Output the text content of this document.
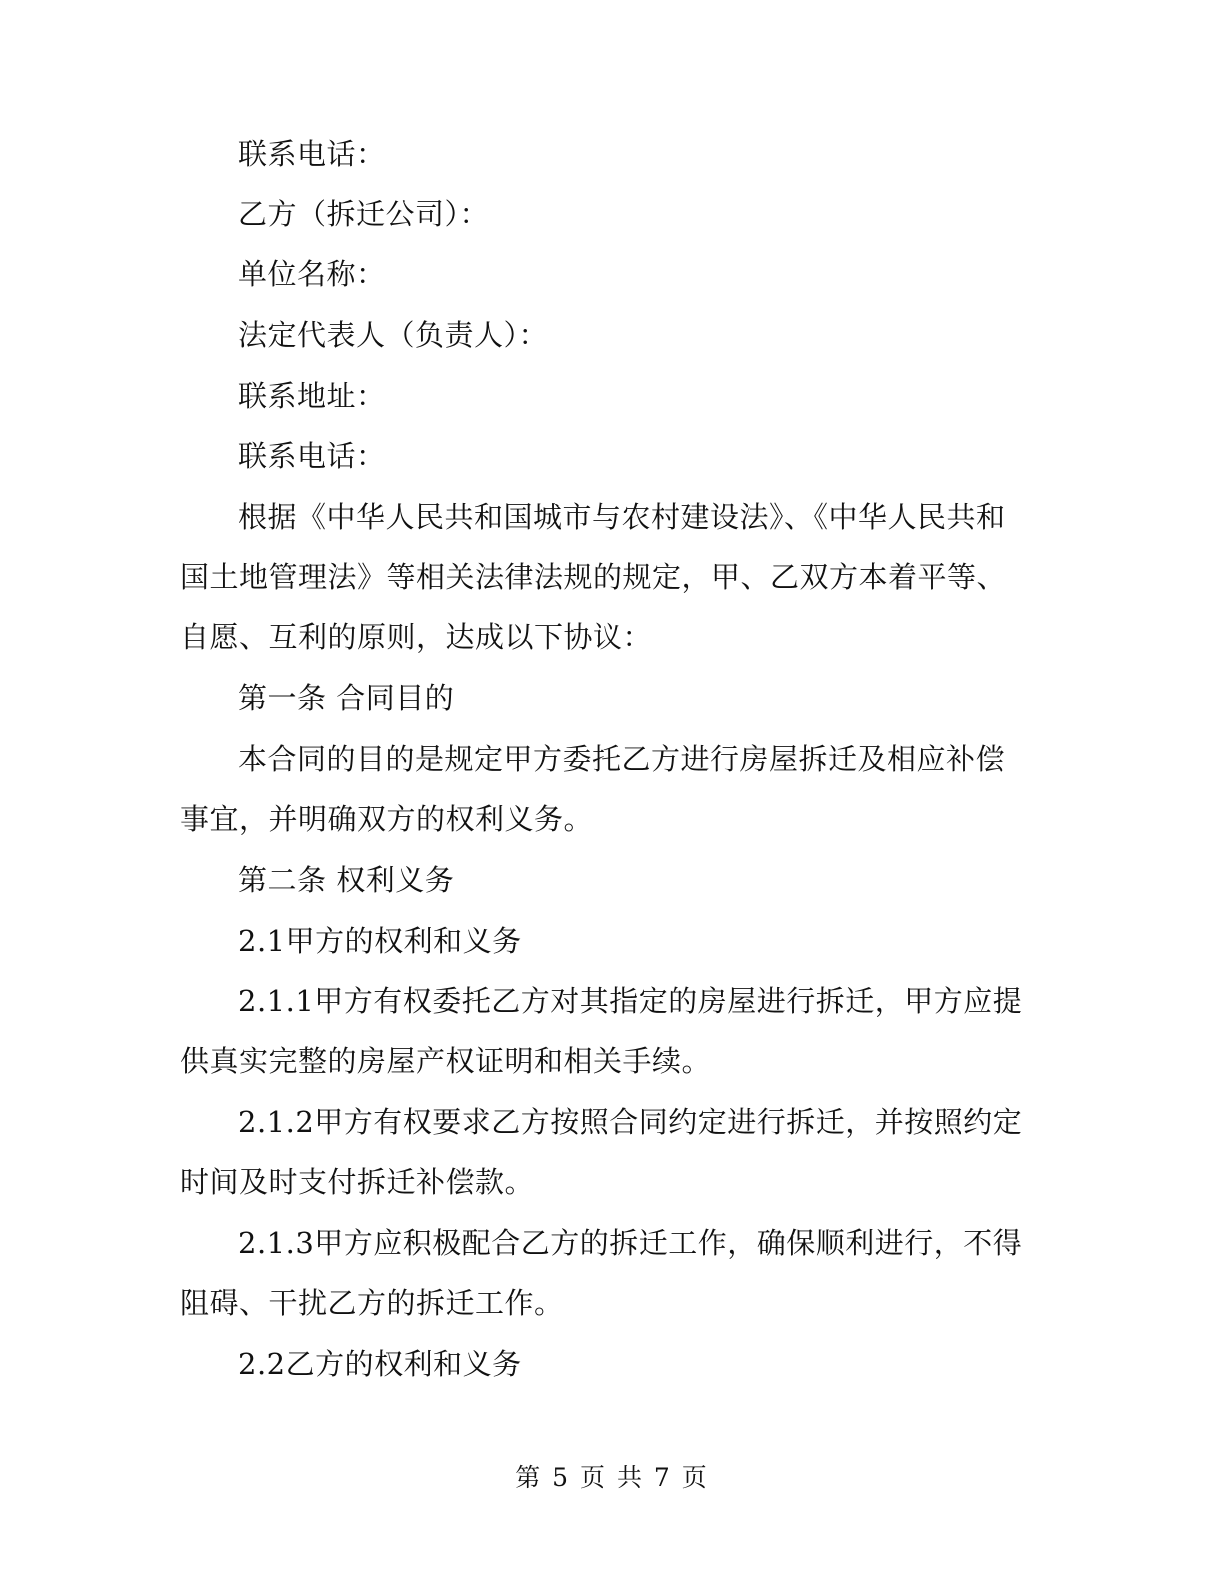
联系电话：

乙方（拆迁公司）：

单位名称：

法定代表人（负责人）：

联系地址：

联系电话：

根据《中华人民共和国城市与农村建设法》、《中华人民共和国土地管理法》等相关法律法规的规定，甲、乙双方本着平等、自愿、互利的原则，达成以下协议：

第一条 合同目的

本合同的目的是规定甲方委托乙方进行房屋拆迁及相应补偿事宜，并明确双方的权利义务。

第二条 权利义务

2.1甲方的权利和义务

2.1.1甲方有权委托乙方对其指定的房屋进行拆迁，甲方应提供真实完整的房屋产权证明和相关手续。

2.1.2甲方有权要求乙方按照合同约定进行拆迁，并按照约定时间及时支付拆迁补偿款。

2.1.3甲方应积极配合乙方的拆迁工作，确保顺利进行，不得阻碍、干扰乙方的拆迁工作。

2.2乙方的权利和义务

第 5 页 共 7 页
